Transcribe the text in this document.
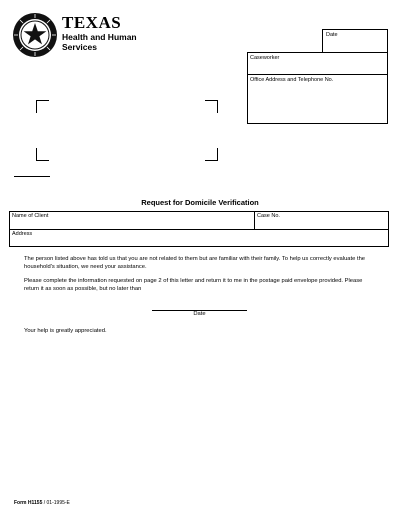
TEXAS
Health and Human
Services
Date
Caseworker
Office Address and Telephone No.
Request for Domicile Verification
Name of Client	Case No.
Address
The person listed above has told us that you are not related to them but are familiar with their family. To help us correctly evaluate the household's situation, we need your assistance.
Please complete the information requested on page 2 of this letter and return it to me in the postage paid envelope provided. Please return it as soon as possible, but no later than
Date
Your help is greatly appreciated.
Form H1155 / 01-1995-E
